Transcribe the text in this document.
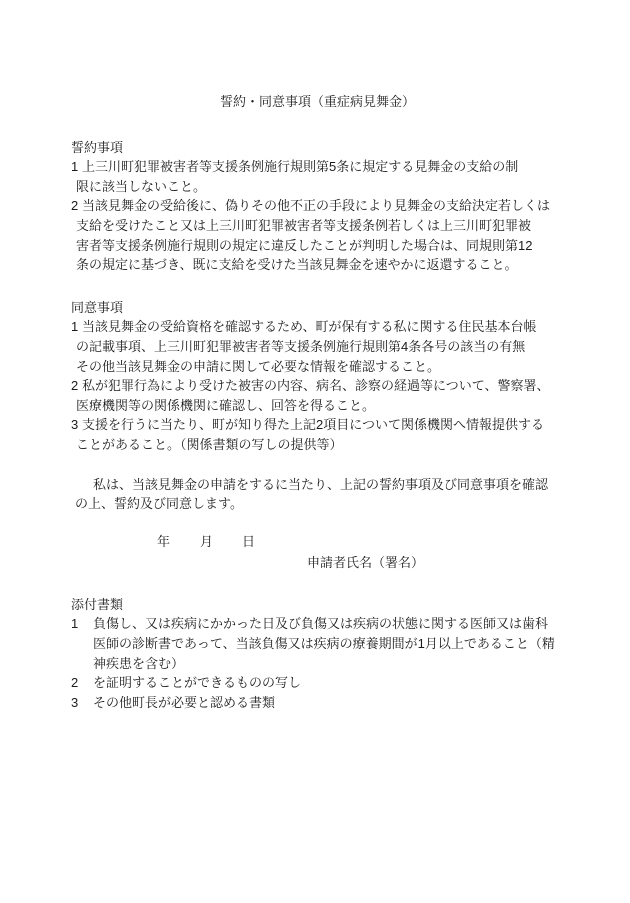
誓約・同意事項（重症病見舞金）
誓約事項
1 上三川町犯罪被害者等支援条例施行規則第5条に規定する見舞金の支給の制
限に該当しないこと。
2 当該見舞金の受給後に、偽りその他不正の手段により見舞金の支給決定若しくは
支給を受けたこと又は上三川町犯罪被害者等支援条例若しくは上三川町犯罪被
害者等支援条例施行規則の規定に違反したことが判明した場合は、同規則第12
条の規定に基づき、既に支給を受けた当該見舞金を速やかに返還すること。
同意事項
1 当該見舞金の受給資格を確認するため、町が保有する私に関する住民基本台帳
の記載事項、上三川町犯罪被害者等支援条例施行規則第4条各号の該当の有無
その他当該見舞金の申請に関して必要な情報を確認すること。
2 私が犯罪行為により受けた被害の内容、病名、診察の経過等について、警察署、
医療機関等の関係機関に確認し、回答を得ること。
3 支援を行うに当たり、町が知り得た上記2項目について関係機関へ情報提供する
ことがあること。（関係書類の写しの提供等）
私は、当該見舞金の申請をするに当たり、上記の誓約事項及び同意事項を確認
の上、誓約及び同意します。
年 月 日
申請者氏名（署名）
添付書類
1 負傷し、又は疾病にかかった日及び負傷又は疾病の状態に関する医師又は歯科
医師の診断書であって、当該負傷又は疾病の療養期間が1月以上であること（精
神疾患を含む）
2 を証明することができるものの写し
3 その他町長が必要と認める書類
